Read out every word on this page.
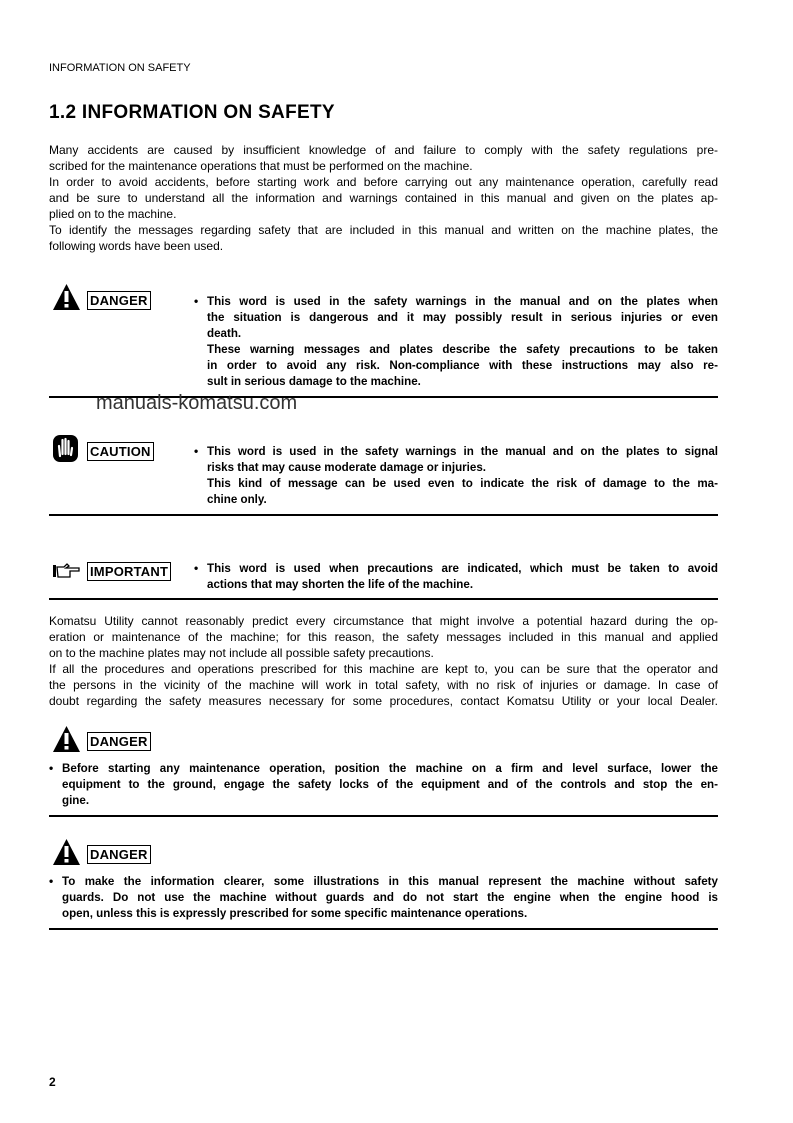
INFORMATION ON SAFETY
1.2 INFORMATION ON SAFETY
Many accidents are caused by insufficient knowledge of and failure to comply with the safety regulations pre-
scribed for the maintenance operations that must be performed on the machine.
In order to avoid accidents, before starting work and before carrying out any maintenance operation, carefully read
and be sure to understand all the information and warnings contained in this manual and given on the plates ap-
plied on to the machine.
To identify the messages regarding safety that are included in this manual and written on the machine plates, the
following words have been used.
DANGER	• This word is used in the safety warnings in the manual and on the plates when
the situation is dangerous and it may possibly result in serious injuries or even
death.
These warning messages and plates describe the safety precautions to be taken
in order to avoid any risk. Non-compliance with these instructions may also re-
sult in serious damage to the machine.
manuals-komatsu.com
CAUTION	• This word is used in the safety warnings in the manual and on the plates to signal
risks that may cause moderate damage or injuries.
This kind of message can be used even to indicate the risk of damage to the ma-
chine only.
IMPORTANT • This word is used when precautions are indicated, which must be taken to avoid
actions that may shorten the life of the machine.
Komatsu Utility cannot reasonably predict every circumstance that might involve a potential hazard during the op-
eration or maintenance of the machine; for this reason, the safety messages included in this manual and applied
on to the machine plates may not include all possible safety precautions.
If all the procedures and operations prescribed for this machine are kept to, you can be sure that the operator and
the persons in the vicinity of the machine will work in total safety, with no risk of injuries or damage. In case of
doubt regarding the safety measures necessary for some procedures, contact Komatsu Utility or your local Dealer.
DANGER
• Before starting any maintenance operation, position the machine on a firm and level surface, lower the
equipment to the ground, engage the safety locks of the equipment and of the controls and stop the en-
gine.
DANGER
• To make the information clearer, some illustrations in this manual represent the machine without safety
guards. Do not use the machine without guards and do not start the engine when the engine hood is
open, unless this is expressly prescribed for some specific maintenance operations.
2
